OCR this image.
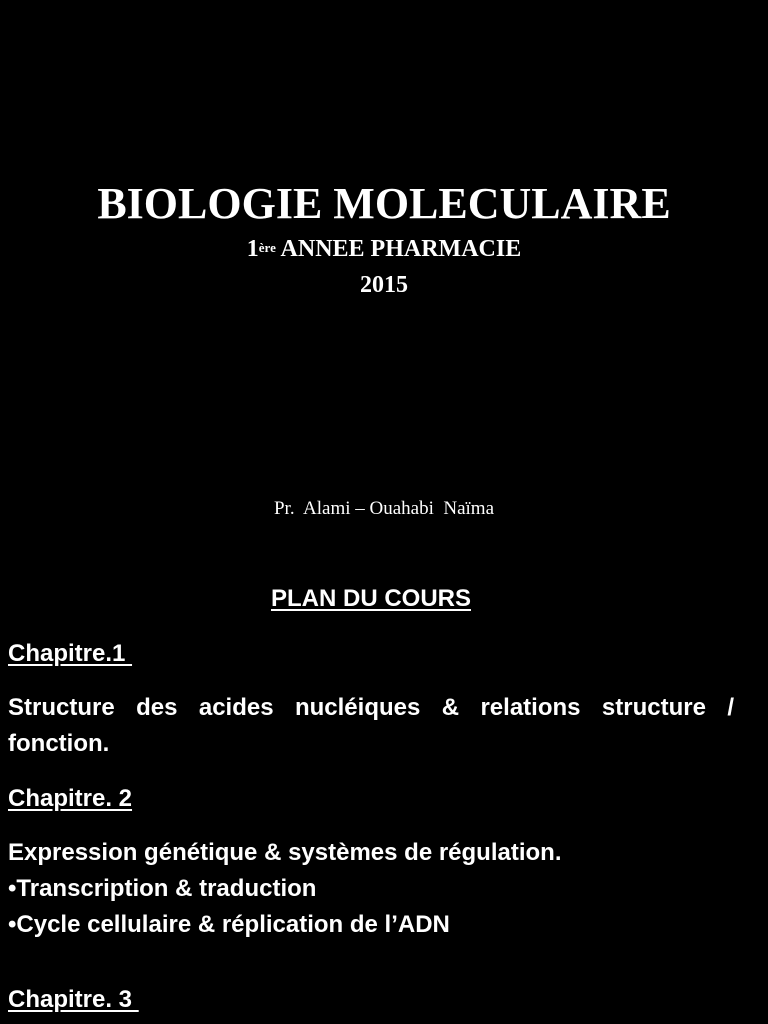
BIOLOGIE MOLECULAIRE
1ère ANNEE PHARMACIE
2015
Pr.  Alami – Ouahabi  Naïma
PLAN DU COURS
Chapitre.1
Structure des acides nucléiques & relations structure / fonction.
Chapitre. 2
Expression génétique & systèmes de régulation.
•Transcription & traduction
•Cycle cellulaire & réplication de l’ADN
Chapitre. 3
